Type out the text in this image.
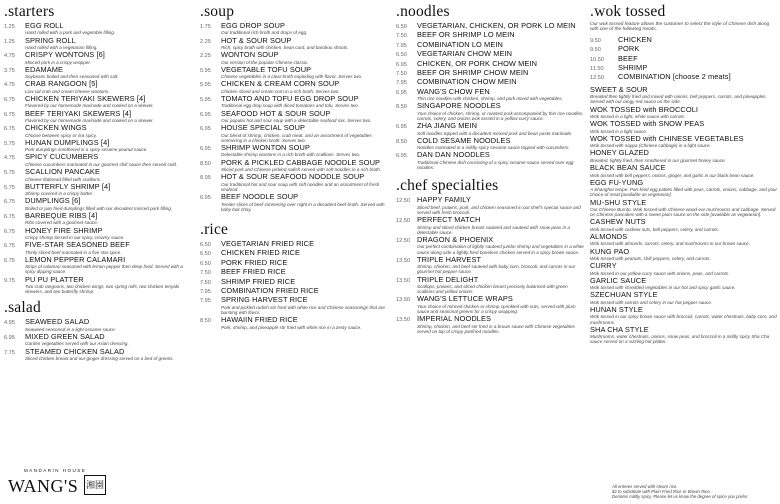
.starters
1.25	EGG ROLL
Hand rolled with a pork and vegetable filling.
1.25	SPRING ROLL
Hand rolled with a vegetarian filling.
4.75	CRISPY WONTONS [6]
Minced pork in a crispy wrapper.
3.75	EDAMAME
Soybeans boiled and then seasoned with salt.
4.75	CRAB RANGOON [5]
Low cal crab and cream cheese wontons.
6.75	CHICKEN TERIYAKI SKEWERS [4]
Flavored by our homemade marinade and cooked on a skewer.
6.75	BEEF TERIYAKI SKEWERS [4]
Flavored by our homemade marinade and cooked on a skewer.
6.75	CHICKEN WINGS
Choose between spicy or not spicy.
5.75	HUNAN DUMPLINGS [4]
Pork dumplings smothered in a spicy sesame peanut sauce.
4.75	SPICY CUCUMBERS
Chinese cucumbers marinated in our gourmet chili sauce then served cold.
5.75	SCALLION PANCAKE
Chinese flatbread filled with scallions.
5.75	BUTTERFLY SHRIMP [4]
Shrimp covered in a crispy batter.
6.75	DUMPLINGS [6]
Boiled or pan fried dumplings filled with our decadent minced pork filling.
6.75	BARBEQUE RIBS [4]
Ribs covered with a gourmet sauce.
6.75	HONEY FIRE SHRIMP
Crispy shrimp tossed in our spicy, creamy sauce.
6.75	FIVE-STAR SEASONED BEEF
Thinly sliced beef marinated in a five star spice.
6.75	LEMON PEPPER CALAMARI
Strips of calamari seasoned with lemon pepper then deep fried. Served with a spicy dipping sauce.
9.75	PU PU PLATTER
Two crab rangoons, two chicken wings, two spring rolls, two chicken teriyaki skewers, and two butterfly shrimp.
.salad
4.95	SEAWEED SALAD
Seaweed seasoned in a light sesame sauce.
6.95	MIXED GREEN SALAD
Garden vegetables served with our Asian dressing.
7.75	STEAMED CHICKEN SALAD
Sliced chicken breast and our ginger dressing served on a bed of greens.
.soup
1.75	EGG DROP SOUP
Our traditional rich broth and drops of egg.
2.25	HOT & SOUR SOUP
Rich, spicy broth with chicken, bean curd, and bamboo shoots.
2.25	WONTON SOUP
Our version of the popular Chinese classic.
5.95	VEGETABLE TOFU SOUP
Chinese vegetables in a clear broth exploding with flavor. Serves two.
5.95	CHICKEN & CREAM CORN SOUP
Chicken sliced and cream corn in a rich broth. Serves two.
5.95	TOMATO AND TOFU EGG DROP SOUP
Traditional egg drop soup with diced tomatoes and tofu. Serves two.
6.95	SEAFOOD HOT & SOUR SOUP
Our popular hot and sour soup with a delectable seafood mix. Serves two.
6.95	HOUSE SPECIAL SOUP
Our blend of shrimp, chicken, crab meat, and an assortment of vegetables simmering in a chicken broth. Serves two.
6.95	SHRIMP WONTON SOUP
Delectable shrimp wontons in a rich broth with scallions. Serves two.
8.50	PORK & PICKLED CABBAGE NOODLE SOUP
Sliced pork and Chinese pickled radish served with soft noodles in a rich broth.
8.95	HOT & SOUR SEAFOOD NOODLE SOUP
Our traditional hot and sour soup with soft noodles and an assortment of fresh seafood.
6.95	BEEF NOODLE SOUP
Tender slices of beef simmering over night in a decadent beef broth. Served with baby bok choy.
.rice
6.50	VEGETARIAN FRIED RICE
6.50	CHICKEN FRIED RICE
6.50	PORK FRIED RICE
7.50	BEEF FRIED RICE
7.50	SHRIMP FRIED RICE
7.95	COMBINATION FRIED RICE
7.95	SPRING HARVEST RICE
Pork and pickled radish stir fried with white rice and Chinese seasonings that are bursting with flavor.
8.50	HAWAIIN FRIED RICE
Pork, shrimp, and pineapple stir fried with white rice in a zesty sauce.
.noodles
6.50	VEGETARIAN, CHICKEN, OR PORK LO MEIN
7.50	BEEF OR SHRIMP LO MEIN
7.95	COMBINATION LO MEIN
6.50	VEGETARIAN CHOW MEIN
6.95	CHICKEN, OR PORK CHOW MEIN
7.50	BEEF OR SHRIMP CHOW MEIN
7.95	COMBINATION CHOW MEIN
6.95	WANG'S CHOW FEN
Thin rice noodles with chicken, shrimp, and pork mixed with vegetables.
8.50	SINGAPORE NOODLES
Your choice of chicken, shrimp, or roasted pork accompanied by thin rice noodles, carrots, celery, and onions wok tossed in a yellow curry sauce.
6.95	ZHA JIANG MEIN
Soft noodles topped with a decadent minced pork and bean paste marinade.
8.50	COLD SESAME NOODLES
Noodles marinated in a mildly spicy sesame sauce topped with cucumbers.
6.95	DAN DAN NOODLES
Traditional Chinese dish consisting of a spicy sesame sauce served over egg noodles.
.chef specialties
12.50 HAPPY FAMILY
Sliced beef, prawns, pork, and chicken seasoned in our chef's special sauce and served with fresh broccoli.
12.50 PERFECT MATCH
Shrimp and sliced chicken breast sauteed and sauteed with snow peas in a delectable sauce.
12.50 DRAGON & PHOENIX
Our perfect combination of lightly sauteed jumbo shrimp and vegetables in a white sauce along side a lightly fried boneless chicken served in a spicy brown sauce.
13.50 TRIPLE HARVEST
Shrimp, chicken, and beef sauteed with baby corn, broccoli, and carrots in our gourmet hot pepper sauce.
13.50 TRIPLE DELIGHT
Scallops, prawns, and sliced chicken breast precisely balanced with green scallions and yellow onions.
13.50 WANG'S LETTUCE WRAPS
Your choice of minced chicken or shrimp sprinkled with nuts, served with plum sauce and seasonal greens for a crispy wrapping.
13.50 IMPERIAL NOODLES
Shrimp, chicken, and beef stir fried in a brown sauce with Chinese vegetables served on top of crispy panfried noodles.
.wok tossed
Our wok tossed feature allows the customer to select the style of Chinese dish along with one of the following meats.
9.50	CHICKEN
9.50	PORK
10.50	BEEF
11.50	SHRIMP
12.50	COMBINATION [choose 2 meats]
SWEET & SOUR
Breaded then lightly fried and mixed with onions, bell peppers, carrots, and pineapples. Served with our tangy red sauce on the side.
WOK TOSSED with BROCCOLI
Wok tossed in a light, white sauce with carrots.
WOK TOSSED with SNOW PEAS
Wok tossed in a light sauce.
WOK TOSSED with CHINESE VEGETABLES
Wok tossed with nappa (Chinese cabbage) in a light sauce.
HONEY GLAZED
Breaded, lightly fried, then smothered in our gourmet honey sauce.
BLACK BEAN SAUCE
Wok tossed with bell peppers, onions, ginger, and garlic in our black bean sauce.
EGG FU-YUNG
A Shanghai recipe. Pan-fried egg patties filled with peas, carrots, onions, cabbage, and your choice of meat [available as vegetarian].
MU-SHU STYLE
Our Chinese Burrito. Wok tossed with Chinese wood-ear mushrooms and cabbage. Served on Chinese pancakes with a sweet plum sauce on the side [available as vegetarian].
CASHEW NUTS
Wok tossed with cashew nuts, bell peppers, celery, and carrots.
ALMONDS
Wok tossed with almonds, carrots, celery, and mushrooms in our brown sauce.
KUNG PAO
Wok tossed with peanuts, chili peppers, celery, and carrots.
CURRY
Wok tossed in our yellow curry sauce with onions, peas, and carrots.
GARLIC SAUCE
Wok tossed with shredded vegetables in our hot and spicy garlic sauce.
SZECHUAN STYLE
Wok tossed with carrots and celery in our hot pepper sauce.
HUNAN STYLE
Wok tossed in our spicy brown sauce with broccoli, carrots, water chestnuts, baby corn, and mushrooms.
SHA CHA STYLE
Mushrooms, water chestnuts, onions, snow peas, and broccoli in a mildly spicy Sha Cha sauce served on a sizzling hot platter.
MANDARIN HOUSE
WANG'S 湘園	All entrees served with steam rice.
$2 to substitute with Plain Fried Rice or Brown Rice.
Denotes mildly spicy. Please let us know the degree of spice you prefer.
